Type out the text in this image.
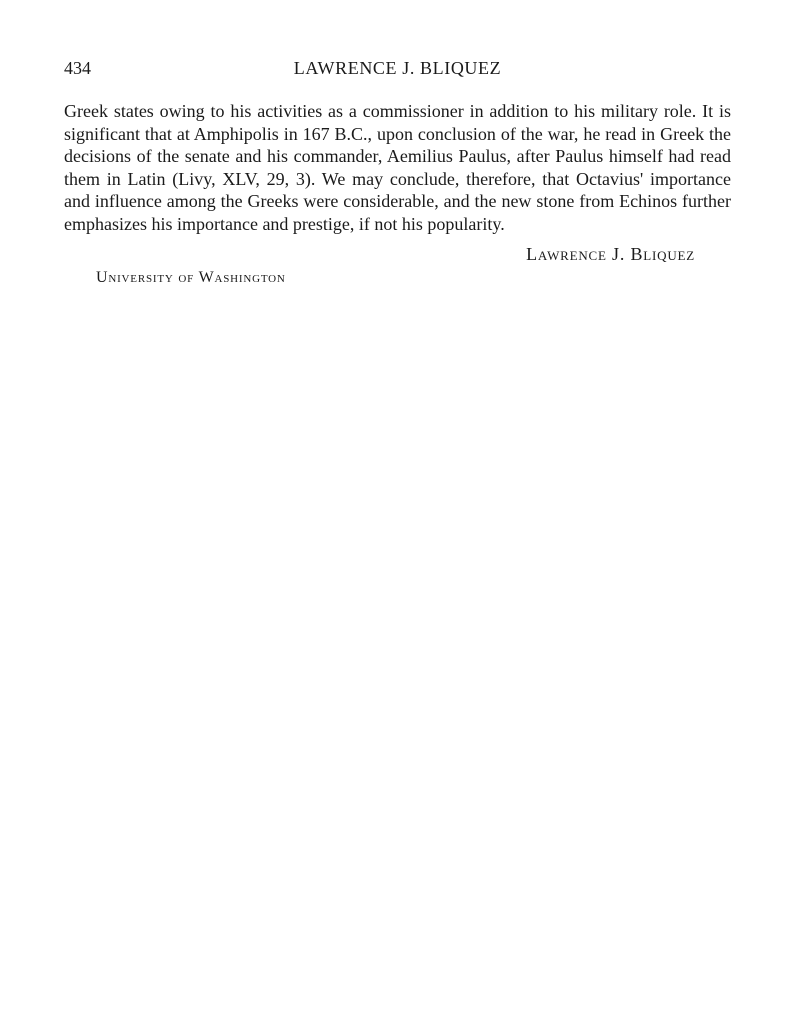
434	LAWRENCE J. BLIQUEZ

Greek states owing to his activities as a commissioner in addition to his military role. It is significant that at Amphipolis in 167 B.C., upon conclusion of the war, he read in Greek the decisions of the senate and his commander, Aemilius Paulus, after Paulus himself had read them in Latin (Livy, XLV, 29, 3). We may conclude, therefore, that Octavius' importance and influence among the Greeks were considerable, and the new stone from Echinos further emphasizes his importance and prestige, if not his popularity.

Lawrence J. Bliquez
University of Washington
